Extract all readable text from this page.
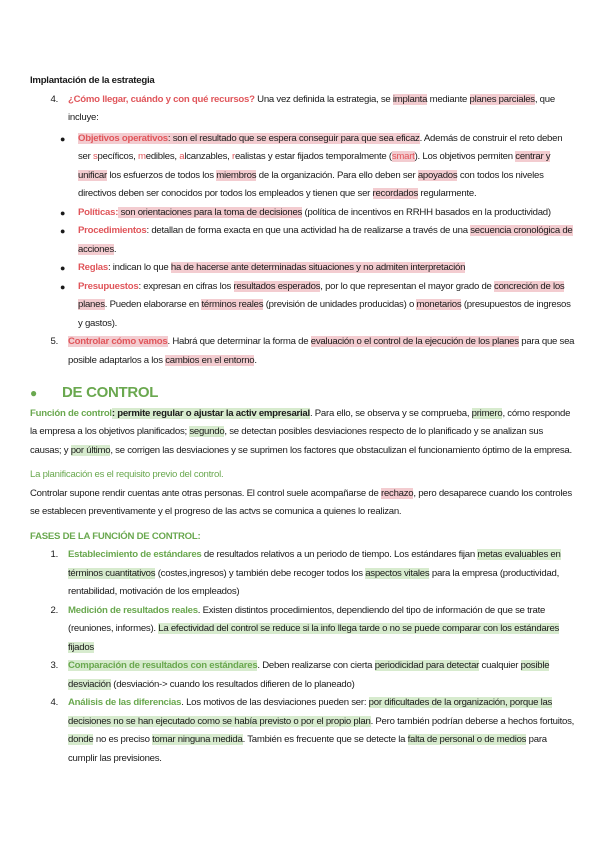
Implantación de la estrategia
4.	¿Cómo llegar, cuándo y con qué recursos? Una vez definida la estrategia, se implanta mediante planes parciales, que incluye:
●	Objetivos operativos: son el resultado que se espera conseguir para que sea eficaz. Además de construir el reto deben ser specíficos, medibles, alcanzables, realistas y estar fijados temporalmente (smart). Los objetivos permiten centrar y unificar los esfuerzos de todos los miembros de la organización. Para ello deben ser apoyados con todos los niveles directivos deben ser conocidos por todos los empleados y tienen que ser recordados regularmente.
●	Políticas: son orientaciones para la toma de decisiones (política de incentivos en RRHH basados en la productividad)
●	Procedimientos: detallan de forma exacta en que una actividad ha de realizarse a través de una secuencia cronológica de acciones.
●	Reglas: indican lo que ha de hacerse ante determinadas situaciones y no admiten interpretación
●	Presupuestos: expresan en cifras los resultados esperados, por lo que representan el mayor grado de concreción de los planes. Pueden elaborarse en términos reales (previsión de unidades producidas) o monetarios (presupuestos de ingresos y gastos).
5.	Controlar cómo vamos. Habrá que determinar la forma de evaluación o el control de la ejecución de los planes para que sea posible adaptarlos a los cambios en el entorno.
●	DE CONTROL
Función de control: permite regular o ajustar la activ empresarial. Para ello, se observa y se comprueba, primero, cómo responde la empresa a los objetivos planificados; segundo, se detectan posibles desviaciones respecto de lo planificado y se analizan sus causas; y por último, se corrigen las desviaciones y se suprimen los factores que obstaculizan el funcionamiento óptimo de la empresa.
La planificación es el requisito previo del control.
Controlar supone rendir cuentas ante otras personas. El control suele acompañarse de rechazo, pero desaparece cuando los controles se establecen preventivamente y el progreso de las actvs se comunica a quienes lo realizan.
FASES DE LA FUNCIÓN DE CONTROL:
1.	Establecimiento de estándares de resultados relativos a un periodo de tiempo. Los estándares fijan metas evaluables en términos cuantitativos (costes,ingresos) y también debe recoger todos los aspectos vitales para la empresa (productividad, rentabilidad, motivación de los empleados)
2.	Medición de resultados reales. Existen distintos procedimientos, dependiendo del tipo de información de que se trate (reuniones, informes). La efectividad del control se reduce si la info llega tarde o no se puede comparar con los estándares fijados
3.	Comparación de resultados con estándares. Deben realizarse con cierta periodicidad para detectar cualquier posible desviación (desviación-> cuando los resultados difieren de lo planeado)
4.	Análisis de las diferencias. Los motivos de las desviaciones pueden ser: por dificultades de la organización, porque las decisiones no se han ejecutado como se había previsto o por el propio plan. Pero también podrían deberse a hechos fortuitos, donde no es preciso tomar ninguna medida. También es frecuente que se detecte la falta de personal o de medios para cumplir las previsiones.
